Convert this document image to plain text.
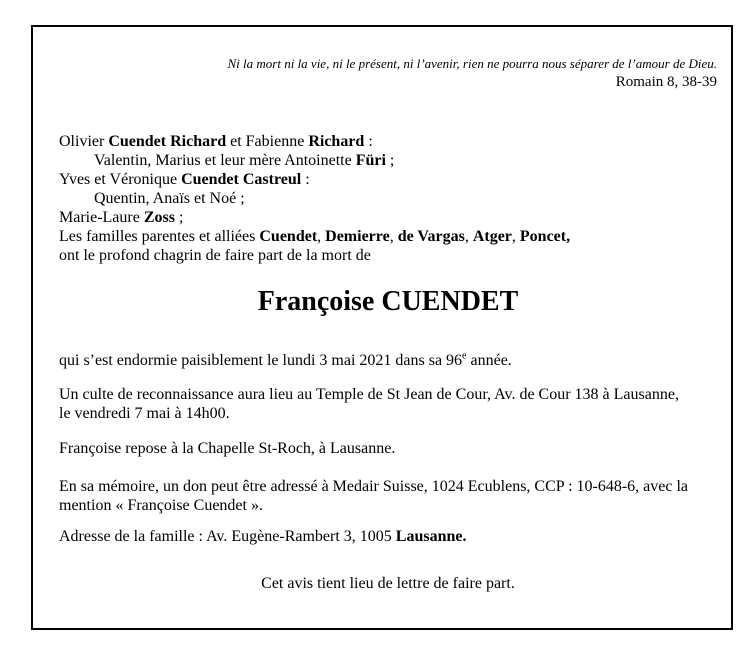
Ni la mort ni la vie, ni le présent, ni l’avenir, rien ne pourra nous séparer de l’amour de Dieu.
Romain 8, 38-39
Olivier Cuendet Richard et Fabienne Richard :
Valentin, Marius et leur mère Antoinette Füri ;
Yves et Véronique Cuendet Castreul :
Quentin, Anaïs et Noé ;
Marie-Laure Zoss ;
Les familles parentes et alliées Cuendet, Demierre, de Vargas, Atger, Poncet,
ont le profond chagrin de faire part de la mort de
Françoise CUENDET
qui s’est endormie paisiblement le lundi 3 mai 2021 dans sa 96e année.
Un culte de reconnaissance aura lieu au Temple de St Jean de Cour, Av. de Cour 138 à Lausanne,
le vendredi 7 mai à 14h00.
Françoise repose à la Chapelle St-Roch, à Lausanne.
En sa mémoire, un don peut être adressé à Medair Suisse, 1024 Ecublens, CCP : 10-648-6, avec la
mention « Françoise Cuendet ».
Adresse de la famille : Av. Eugène-Rambert 3, 1005 Lausanne.
Cet avis tient lieu de lettre de faire part.
